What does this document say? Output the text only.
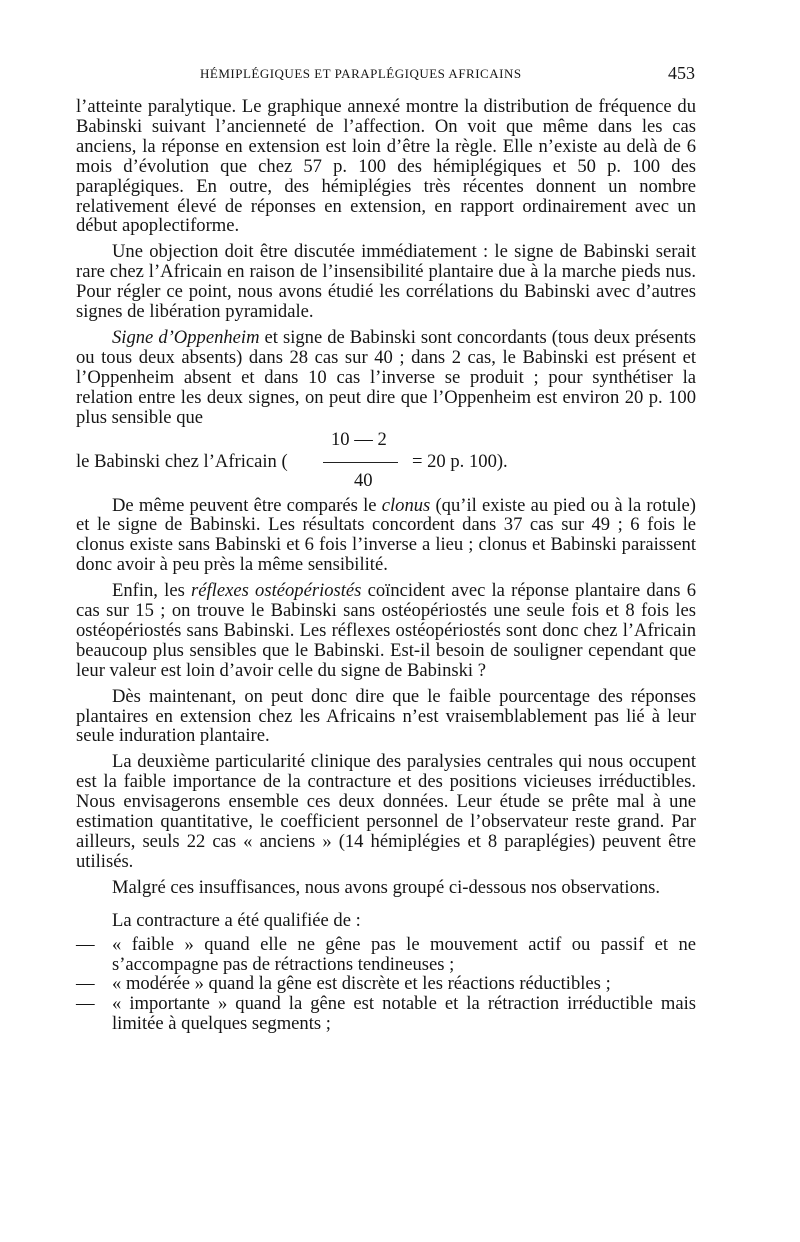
HÉMIPLÉGIQUES ET PARAPLÉGIQUES AFRICAINS	453

l’atteinte paralytique. Le graphique annexé montre la distribution de fréquence du Babinski suivant l’ancienneté de l’affection. On voit que même dans les cas anciens, la réponse en extension est loin d’être la règle. Elle n’existe au delà de 6 mois d’évolution que chez 57 p. 100 des hémiplégiques et 50 p. 100 des paraplégiques. En outre, des hémiplégies très récentes donnent un nombre relativement élevé de réponses en extension, en rapport ordinairement avec un début apoplectiforme.

Une objection doit être discutée immédiatement : le signe de Babinski serait rare chez l’Africain en raison de l’insensibilité plantaire due à la marche pieds nus. Pour régler ce point, nous avons étudié les corrélations du Babinski avec d’autres signes de libération pyramidale.

Signe d’Oppenheim et signe de Babinski sont concordants (tous deux présents ou tous deux absents) dans 28 cas sur 40 ; dans 2 cas, le Babinski est présent et l’Oppenheim absent et dans 10 cas l’inverse se produit ; pour synthétiser la relation entre les deux signes, on peut dire que l’Oppenheim est environ 20 p. 100 plus sensible que

le Babinski chez l’Africain (
10 — 2
40
= 20 p. 100).

De même peuvent être comparés le clonus (qu’il existe au pied ou à la rotule) et le signe de Babinski. Les résultats concordent dans 37 cas sur 49 ; 6 fois le clonus existe sans Babinski et 6 fois l’inverse a lieu ; clonus et Babinski paraissent donc avoir à peu près la même sensibilité.

Enfin, les réflexes ostéopériostés coïncident avec la réponse plantaire dans 6 cas sur 15 ; on trouve le Babinski sans ostéopériostés une seule fois et 8 fois les ostéopériostés sans Babinski. Les réflexes ostéopériostés sont donc chez l’Africain beaucoup plus sensibles que le Babinski. Est-il besoin de souligner cependant que leur valeur est loin d’avoir celle du signe de Babinski ?

Dès maintenant, on peut donc dire que le faible pourcentage des réponses plantaires en extension chez les Africains n’est vraisemblablement pas lié à leur seule induration plantaire.

La deuxième particularité clinique des paralysies centrales qui nous occupent est la faible importance de la contracture et des positions vicieuses irréductibles. Nous envisagerons ensemble ces deux données. Leur étude se prête mal à une estimation quantitative, le coefficient personnel de l’observateur reste grand. Par ailleurs, seuls 22 cas « anciens » (14 hémiplégies et 8 paraplégies) peuvent être utilisés.

Malgré ces insuffisances, nous avons groupé ci-dessous nos observations.

La contracture a été qualifiée de :

— « faible » quand elle ne gêne pas le mouvement actif ou passif et ne s’accompagne pas de rétractions tendineuses ;
— « modérée » quand la gêne est discrète et les réactions réductibles ;
— « importante » quand la gêne est notable et la rétraction irréductible mais limitée à quelques segments ;
